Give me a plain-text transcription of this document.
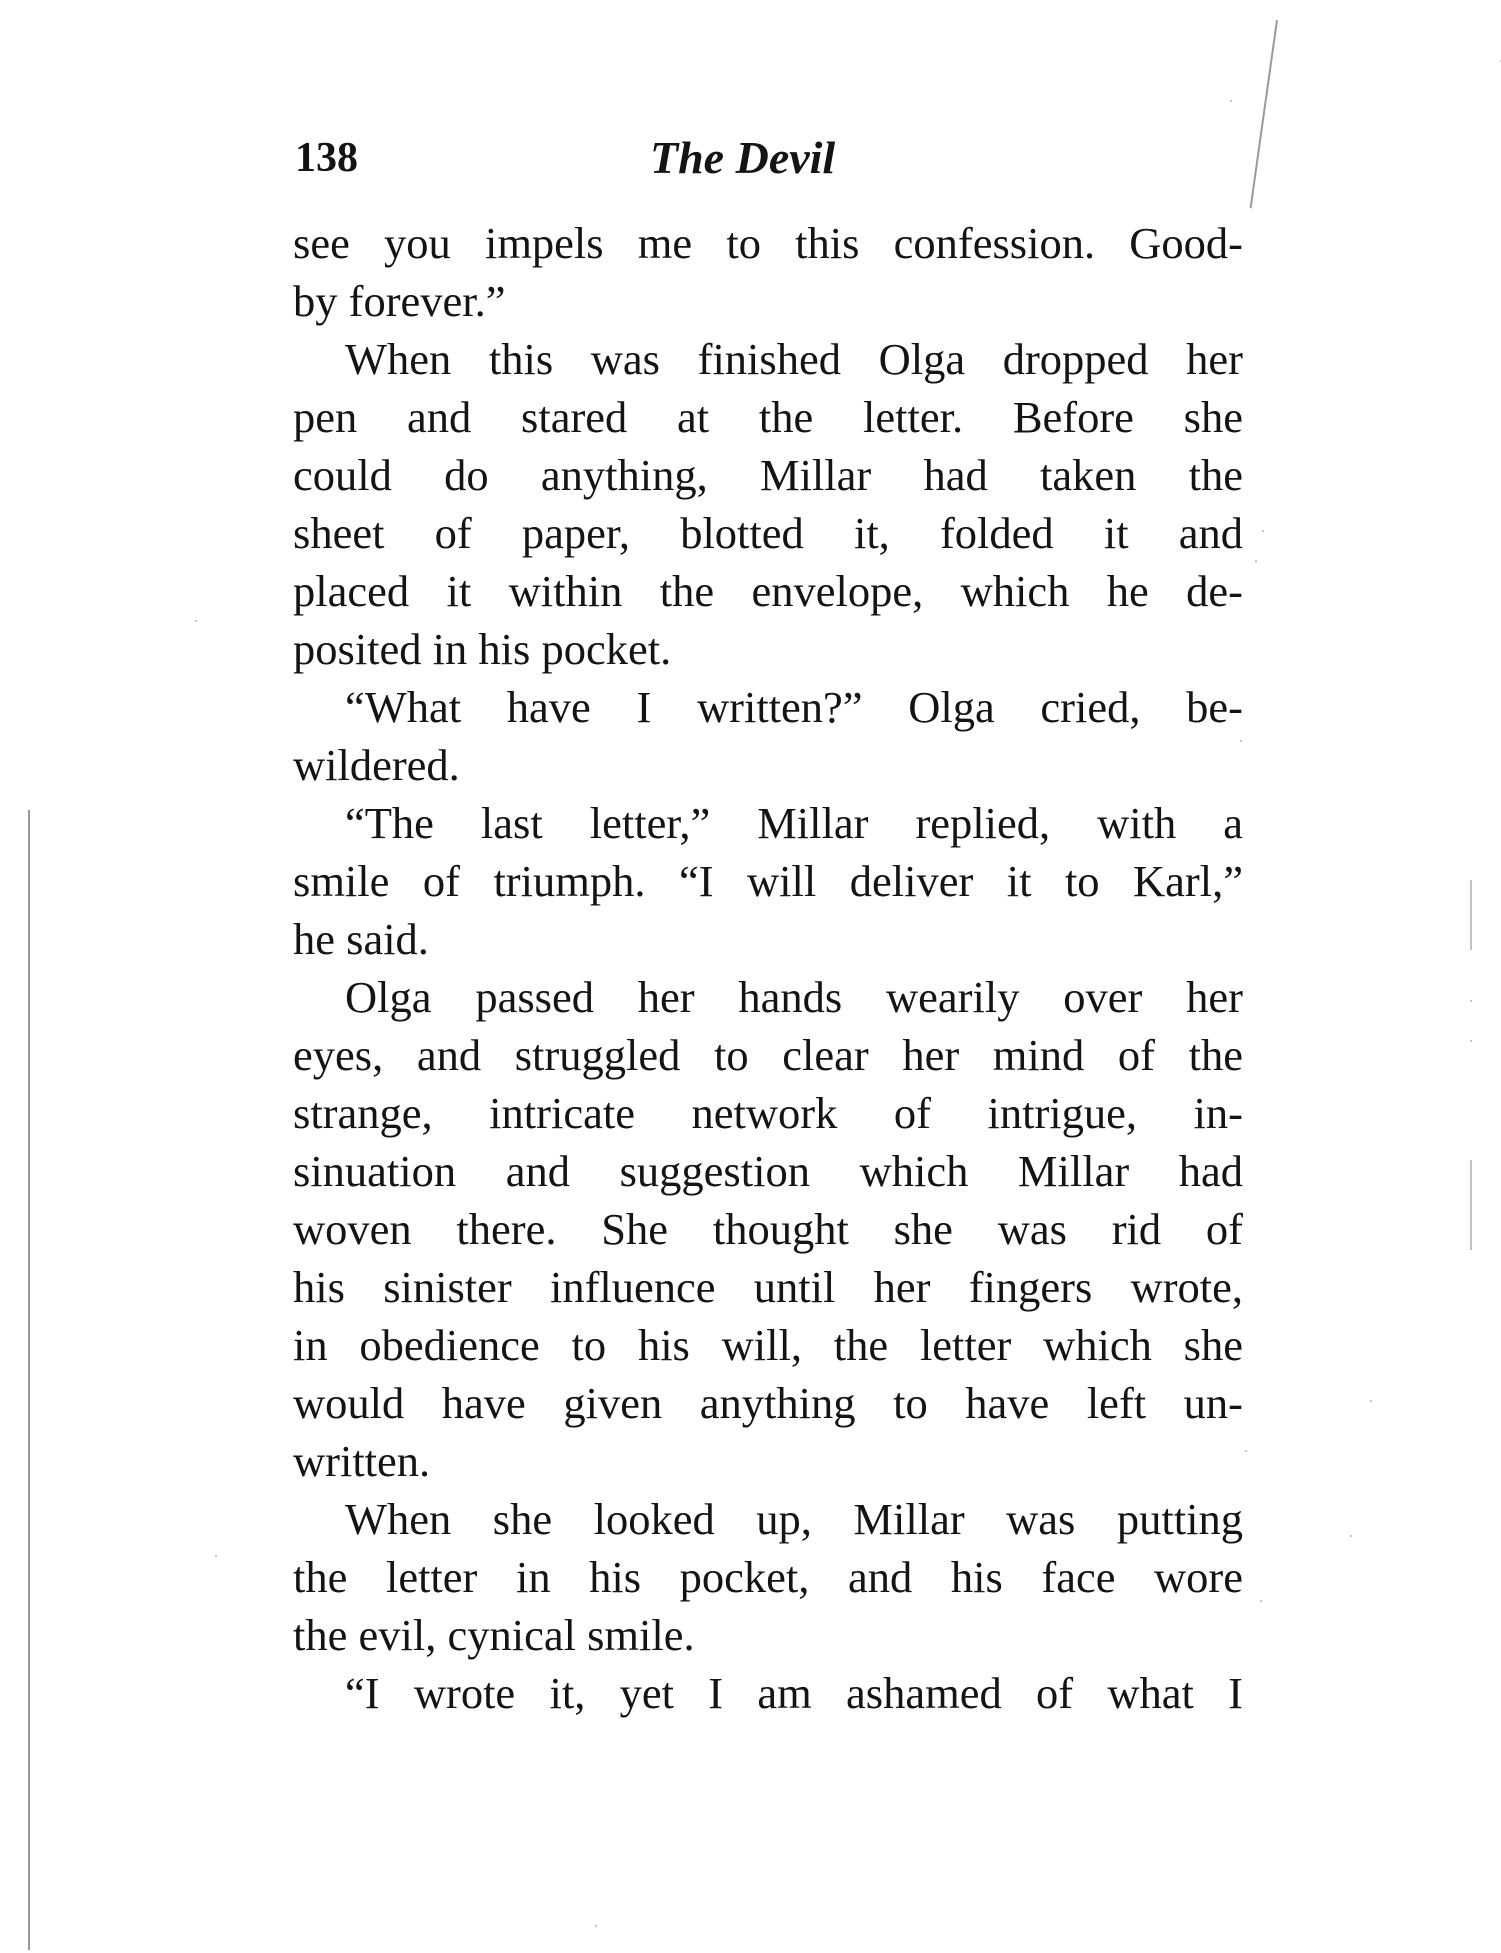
138	The Devil
see you impels me to this confession. Good-
by forever.”
When this was finished Olga dropped her
pen and stared at the letter. Before she
could do anything, Millar had taken the
sheet of paper, blotted it, folded it and
placed it within the envelope, which he de-
posited in his pocket.
“What have I written?” Olga cried, be-
wildered.
“The last letter,” Millar replied, with a
smile of triumph. “I will deliver it to Karl,”
he said.
Olga passed her hands wearily over her
eyes, and struggled to clear her mind of the
strange, intricate network of intrigue, in-
sinuation and suggestion which Millar had
woven there. She thought she was rid of
his sinister influence until her fingers wrote,
in obedience to his will, the letter which she
would have given anything to have left un-
written.
When she looked up, Millar was putting
the letter in his pocket, and his face wore
the evil, cynical smile.
“I wrote it, yet I am ashamed of what I
